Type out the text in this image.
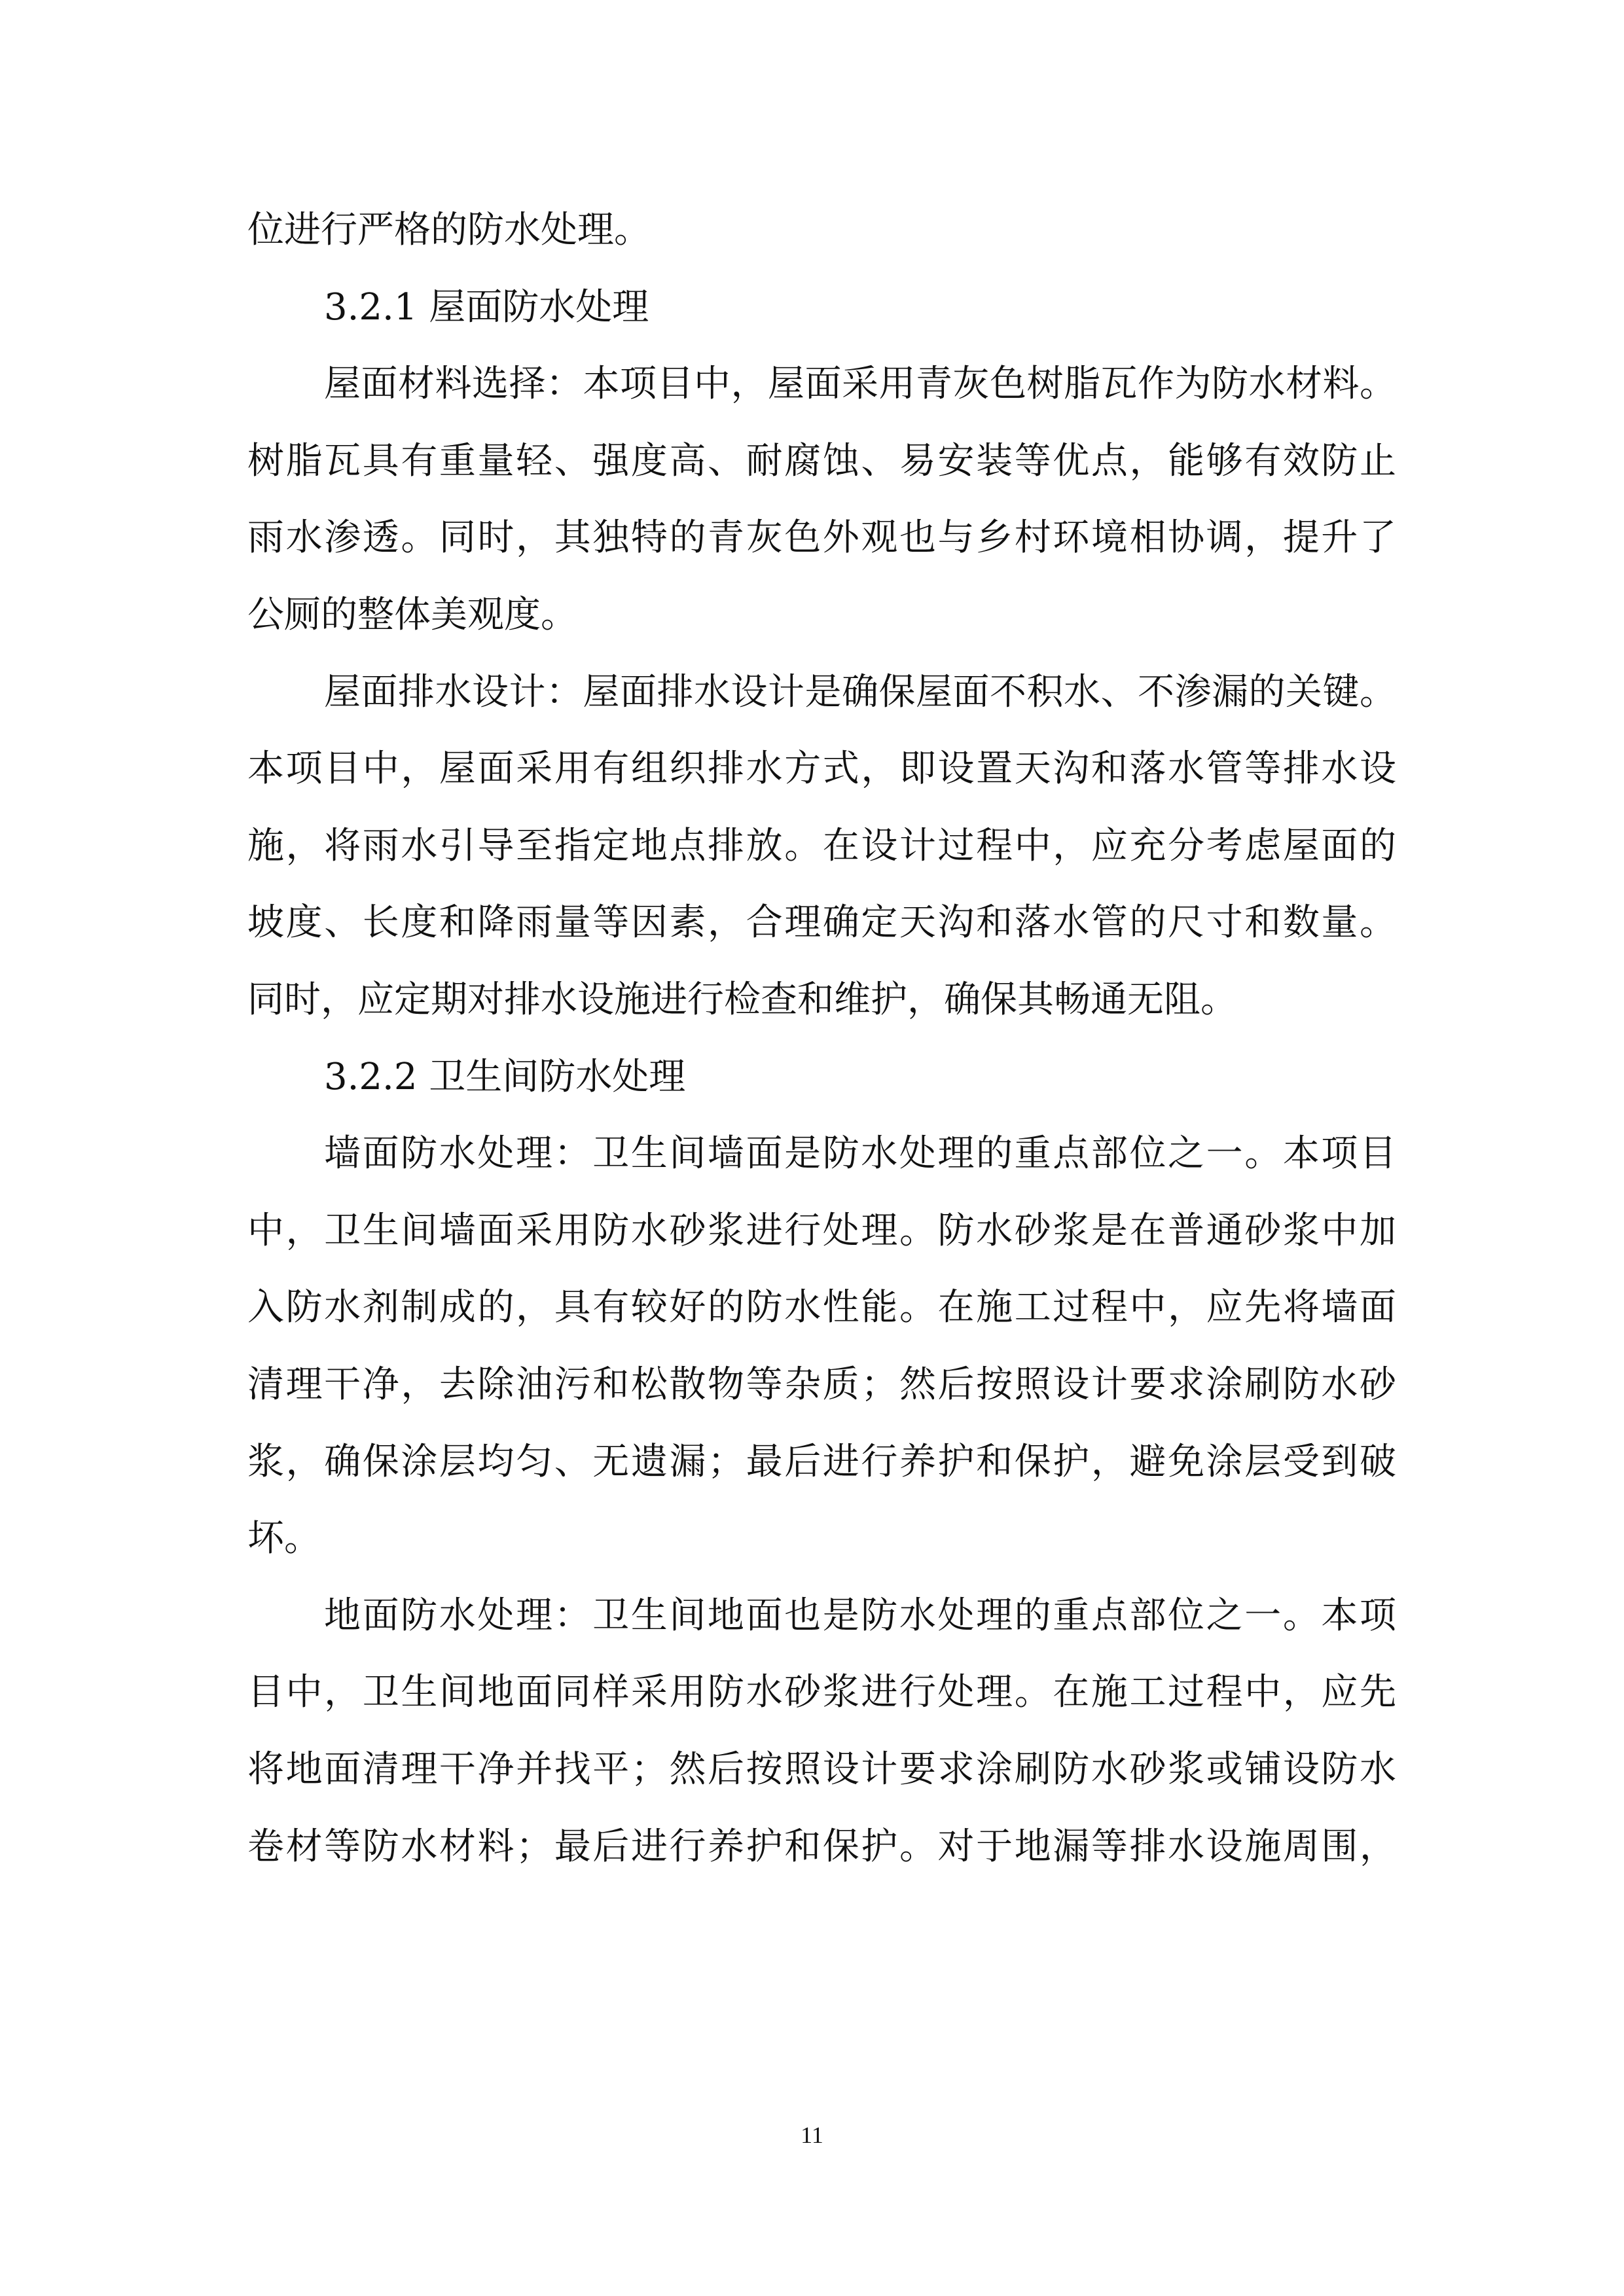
位进行严格的防水处理。
3.2.1 屋面防水处理
屋面材料选择：本项目中，屋面采用青灰色树脂瓦作为防水材料。
树脂瓦具有重量轻、强度高、耐腐蚀、易安装等优点，能够有效防止
雨水渗透。同时，其独特的青灰色外观也与乡村环境相协调，提升了
公厕的整体美观度。
屋面排水设计：屋面排水设计是确保屋面不积水、不渗漏的关键。
本项目中，屋面采用有组织排水方式，即设置天沟和落水管等排水设
施，将雨水引导至指定地点排放。在设计过程中，应充分考虑屋面的
坡度、长度和降雨量等因素，合理确定天沟和落水管的尺寸和数量。
同时，应定期对排水设施进行检查和维护，确保其畅通无阻。
3.2.2 卫生间防水处理
墙面防水处理：卫生间墙面是防水处理的重点部位之一。本项目
中，卫生间墙面采用防水砂浆进行处理。防水砂浆是在普通砂浆中加
入防水剂制成的，具有较好的防水性能。在施工过程中，应先将墙面
清理干净，去除油污和松散物等杂质；然后按照设计要求涂刷防水砂
浆，确保涂层均匀、无遗漏；最后进行养护和保护，避免涂层受到破
坏。
地面防水处理：卫生间地面也是防水处理的重点部位之一。本项
目中，卫生间地面同样采用防水砂浆进行处理。在施工过程中，应先
将地面清理干净并找平；然后按照设计要求涂刷防水砂浆或铺设防水
卷材等防水材料；最后进行养护和保护。对于地漏等排水设施周围，
11
